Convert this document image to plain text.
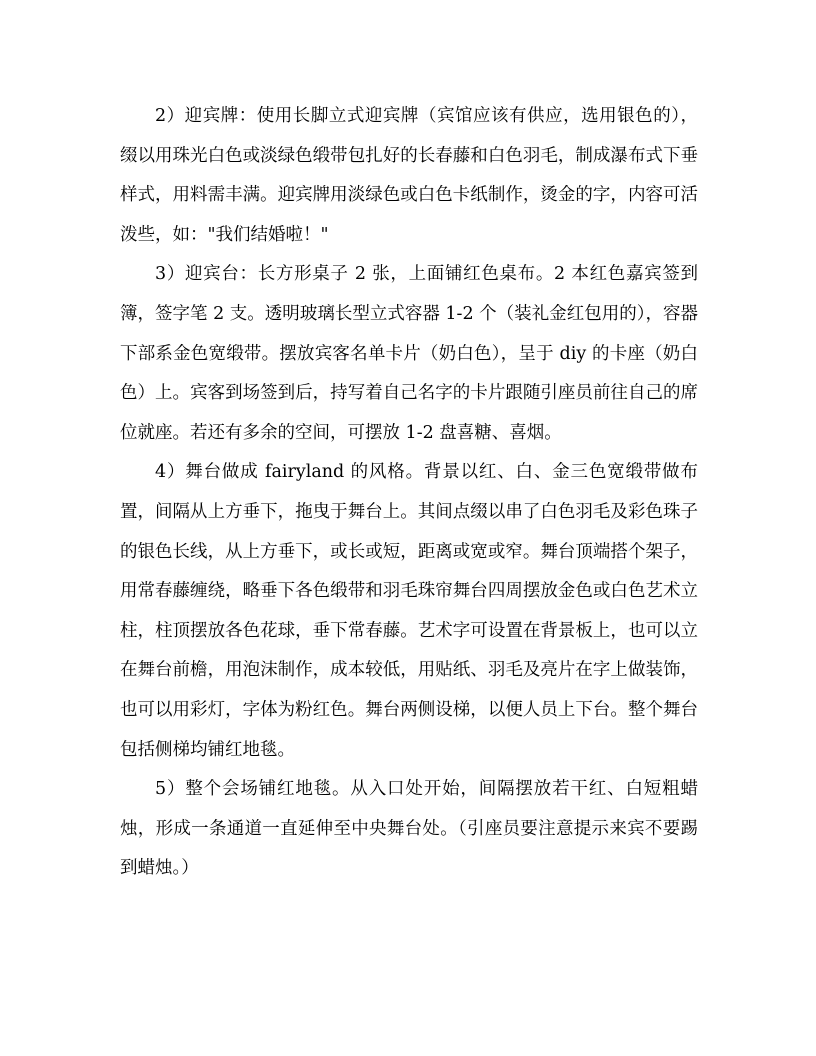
2）迎宾牌：使用长脚立式迎宾牌（宾馆应该有供应，选用银色的），缀以用珠光白色或淡绿色缎带包扎好的长春藤和白色羽毛，制成瀑布式下垂样式，用料需丰满。迎宾牌用淡绿色或白色卡纸制作，烫金的字，内容可活泼些，如："我们结婚啦！"

3）迎宾台：长方形桌子 2 张，上面铺红色桌布。2 本红色嘉宾签到簿，签字笔 2 支。透明玻璃长型立式容器 1-2 个（装礼金红包用的），容器下部系金色宽缎带。摆放宾客名单卡片（奶白色），呈于 diy 的卡座（奶白色）上。宾客到场签到后，持写着自己名字的卡片跟随引座员前往自己的席位就座。若还有多余的空间，可摆放 1-2 盘喜糖、喜烟。

4）舞台做成 fairyland 的风格。背景以红、白、金三色宽缎带做布置，间隔从上方垂下，拖曳于舞台上。其间点缀以串了白色羽毛及彩色珠子的银色长线，从上方垂下，或长或短，距离或宽或窄。舞台顶端搭个架子，用常春藤缠绕，略垂下各色缎带和羽毛珠帘舞台四周摆放金色或白色艺术立柱，柱顶摆放各色花球，垂下常春藤。艺术字可设置在背景板上，也可以立在舞台前檐，用泡沫制作，成本较低，用贴纸、羽毛及亮片在字上做装饰，也可以用彩灯，字体为粉红色。舞台两侧设梯，以便人员上下台。整个舞台包括侧梯均铺红地毯。

5）整个会场铺红地毯。从入口处开始，间隔摆放若干红、白短粗蜡烛，形成一条通道一直延伸至中央舞台处。（引座员要注意提示来宾不要踢到蜡烛。）
